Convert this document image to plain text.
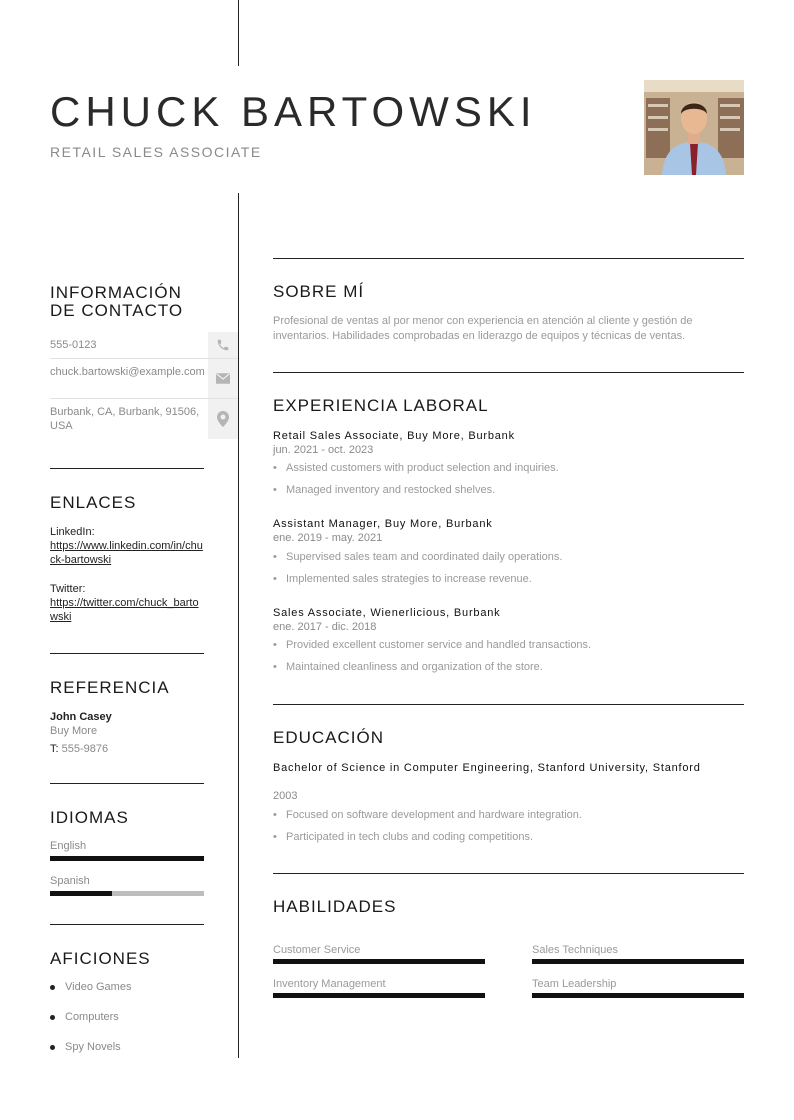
CHUCK BARTOWSKI
RETAIL SALES ASSOCIATE
INFORMACIÓN
DE CONTACTO
555-0123
chuck.bartowski@example.com
Burbank, CA, Burbank, 91506, USA
ENLACES
LinkedIn:
https://www.linkedin.com/in/chuck-bartowski
Twitter:
https://twitter.com/chuck_bartowski
REFERENCIA
John Casey
Buy More
T: 555-9876
IDIOMAS
English
Spanish
AFICIONES
Video Games
Computers
Spy Novels
SOBRE MÍ
Profesional de ventas al por menor con experiencia en atención al cliente y gestión de inventarios. Habilidades comprobadas en liderazgo de equipos y técnicas de ventas.
EXPERIENCIA LABORAL
Retail Sales Associate, Buy More, Burbank
jun. 2021 - oct. 2023
• Assisted customers with product selection and inquiries.
• Managed inventory and restocked shelves.
Assistant Manager, Buy More, Burbank
ene. 2019 - may. 2021
• Supervised sales team and coordinated daily operations.
• Implemented sales strategies to increase revenue.
Sales Associate, Wienerlicious, Burbank
ene. 2017 - dic. 2018
• Provided excellent customer service and handled transactions.
• Maintained cleanliness and organization of the store.
EDUCACIÓN
Bachelor of Science in Computer Engineering, Stanford University, Stanford
2003
• Focused on software development and hardware integration.
• Participated in tech clubs and coding competitions.
HABILIDADES
Customer Service	Sales Techniques
Inventory Management	Team Leadership
